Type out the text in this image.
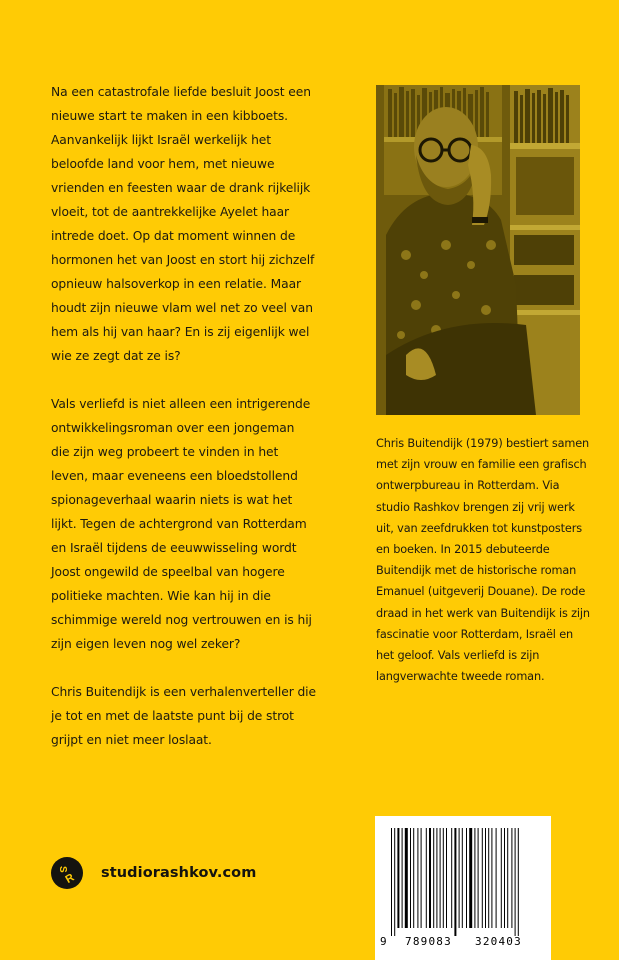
Na een catastrofale liefde besluit Joost een nieuwe start te maken in een kibboets. Aanvankelijk lijkt Israël werkelijk het beloofde land voor hem, met nieuwe vrienden en feesten waar de drank rijkelijk vloeit, tot de aantrekkelijke Ayelet haar intrede doet. Op dat moment winnen de hormonen het van Joost en stort hij zichzelf opnieuw halsoverkop in een relatie. Maar houdt zijn nieuwe vlam wel net zo veel van hem als hij van haar? En is zij eigenlijk wel wie ze zegt dat ze is?

Vals verliefd is niet alleen een intrigerende ontwikkelingsroman over een jongeman die zijn weg probeert te vinden in het leven, maar eveneens een bloedstollend spionageverhaal waarin niets is wat het lijkt. Tegen de achtergrond van Rotterdam en Israël tijdens de eeuwwisseling wordt Joost ongewild de speelbal van hogere politieke machten. Wie kan hij in die schimmige wereld nog vertrouwen en is hij zijn eigen leven nog wel zeker?

Chris Buitendijk is een verhalenverteller die je tot en met de laatste punt bij de strot grijpt en niet meer loslaat.

Chris Buitendijk (1979) bestiert samen met zijn vrouw en familie een grafisch ontwerpbureau in Rotterdam. Via studio Rashkov brengen zij vrij werk uit, van zeefdrukken tot kunstposters en boeken. In 2015 debuteerde Buitendijk met de historische roman Emanuel (uitgeverij Douane). De rode draad in het werk van Buitendijk is zijn fascinatie voor Rotterdam, Israël en het geloof. Vals verliefd is zijn langverwachte tweede roman.

S
R studiorashkov.com
9 789083 320403
